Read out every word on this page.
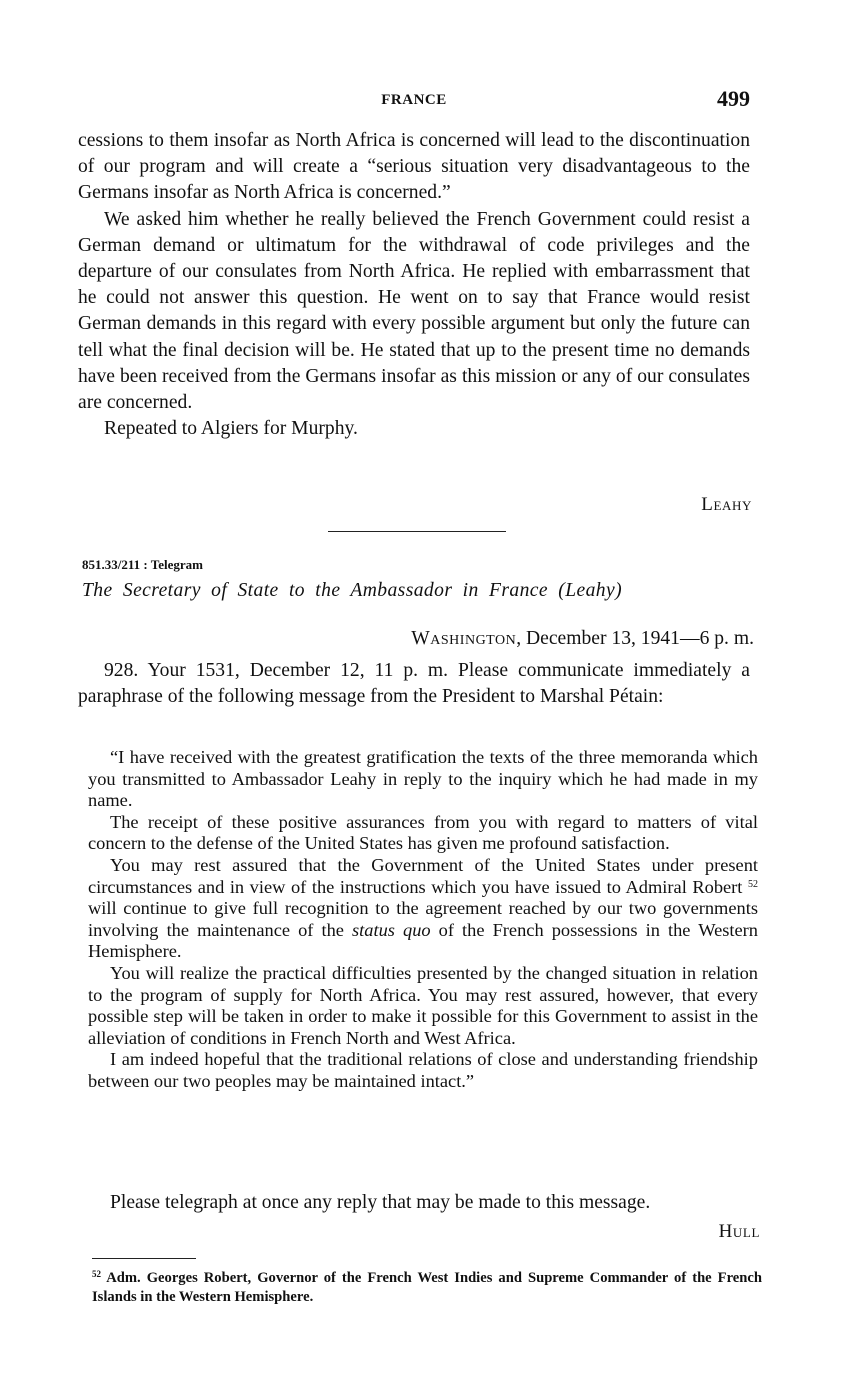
FRANCE	499

cessions to them insofar as North Africa is concerned will lead to the discontinuation of our program and will create a “serious situation very disadvantageous to the Germans insofar as North Africa is concerned.”

We asked him whether he really believed the French Government could resist a German demand or ultimatum for the withdrawal of code privileges and the departure of our consulates from North Africa. He replied with embarrassment that he could not answer this question. He went on to say that France would resist German demands in this regard with every possible argument but only the future can tell what the final decision will be. He stated that up to the present time no demands have been received from the Germans insofar as this mission or any of our consulates are concerned.

Repeated to Algiers for Murphy.

Leahy
851.33/211 : Telegram
The Secretary of State to the Ambassador in France (Leahy)
Washington, December 13, 1941—6 p. m.

928. Your 1531, December 12, 11 p. m. Please communicate immediately a paraphrase of the following message from the President to Marshal Pétain:

“I have received with the greatest gratification the texts of the three memoranda which you transmitted to Ambassador Leahy in reply to the inquiry which he had made in my name.

The receipt of these positive assurances from you with regard to matters of vital concern to the defense of the United States has given me profound satisfaction.

You may rest assured that the Government of the United States under present circumstances and in view of the instructions which you have issued to Admiral Robert $^{52}$ will continue to give full recognition to the agreement reached by our two governments involving the maintenance of the status quo of the French possessions in the Western Hemisphere.

You will realize the practical difficulties presented by the changed situation in relation to the program of supply for North Africa. You may rest assured, however, that every possible step will be taken in order to make it possible for this Government to assist in the alleviation of conditions in French North and West Africa.

I am indeed hopeful that the traditional relations of close and understanding friendship between our two peoples may be maintained intact.”

Please telegraph at once any reply that may be made to this message.
Hull
$^{52}$ Adm. Georges Robert, Governor of the French West Indies and Supreme Commander of the French Islands in the Western Hemisphere.
